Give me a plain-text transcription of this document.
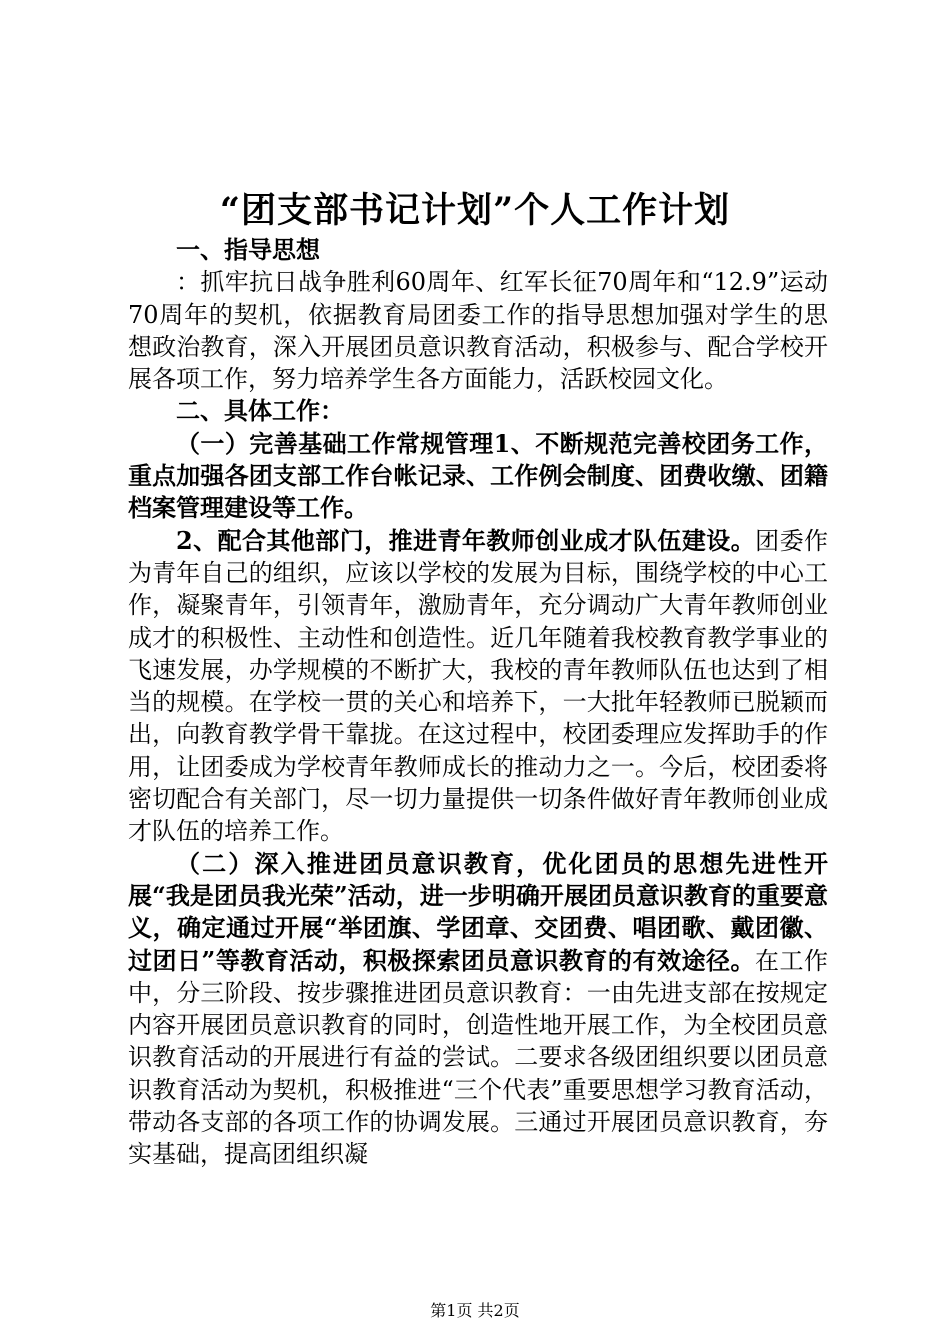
“团支部书记计划”个人工作计划

一、指导思想

：抓牢抗日战争胜利60周年、红军长征70周年和“12.9”运动70周年的契机，依据教育局团委工作的指导思想加强对学生的思想政治教育，深入开展团员意识教育活动，积极参与、配合学校开展各项工作，努力培养学生各方面能力，活跃校园文化。

二、具体工作：

（一）完善基础工作常规管理1、不断规范完善校团务工作，重点加强各团支部工作台帐记录、工作例会制度、团费收缴、团籍档案管理建设等工作。

2、配合其他部门，推进青年教师创业成才队伍建设。团委作为青年自己的组织，应该以学校的发展为目标，围绕学校的中心工作，凝聚青年，引领青年，激励青年，充分调动广大青年教师创业成才的积极性、主动性和创造性。近几年随着我校教育教学事业的飞速发展，办学规模的不断扩大，我校的青年教师队伍也达到了相当的规模。在学校一贯的关心和培养下，一大批年轻教师已脱颖而出，向教育教学骨干靠拢。在这过程中，校团委理应发挥助手的作用，让团委成为学校青年教师成长的推动力之一。今后，校团委将密切配合有关部门，尽一切力量提供一切条件做好青年教师创业成才队伍的培养工作。

（二）深入推进团员意识教育，优化团员的思想先进性开展“我是团员我光荣”活动，进一步明确开展团员意识教育的重要意义，确定通过开展“举团旗、学团章、交团费、唱团歌、戴团徽、过团日”等教育活动，积极探索团员意识教育的有效途径。在工作中，分三阶段、按步骤推进团员意识教育：一由先进支部在按规定内容开展团员意识教育的同时，创造性地开展工作，为全校团员意识教育活动的开展进行有益的尝试。二要求各级团组织要以团员意识教育活动为契机，积极推进“三个代表”重要思想学习教育活动，带动各支部的各项工作的协调发展。三通过开展团员意识教育，夯实基础，提高团组织凝

第1页 共2页
